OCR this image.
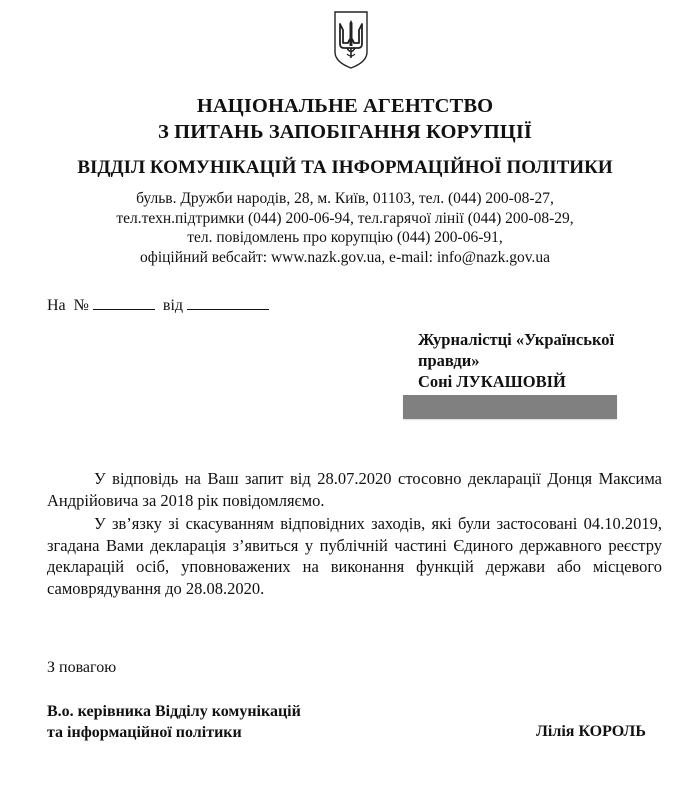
НАЦІОНАЛЬНЕ АГЕНТСТВО
З ПИТАНЬ ЗАПОБІГАННЯ КОРУПЦІЇ
ВІДДІЛ КОМУНІКАЦІЙ ТА ІНФОРМАЦІЙНОЇ ПОЛІТИКИ
бульв. Дружби народів, 28, м. Київ, 01103, тел. (044) 200-08-27,
тел.техн.підтримки (044) 200-06-94, тел.гарячої лінії (044) 200-08-29,
тел. повідомлень про корупцію (044) 200-06-91,
офіційний вебсайт: www.nazk.gov.ua, e-mail: info@nazk.gov.ua
На №	від
Журналістці «Української
правди»
Соні ЛУКАШОВІЙ

У відповідь на Ваш запит від 28.07.2020 стосовно декларації Донця Максима Андрійовича за 2018 рік повідомляємо.

У зв’язку зі скасуванням відповідних заходів, які були застосовані 04.10.2019, згадана Вами декларація з’явиться у публічній частині Єдиного державного реєстру декларацій осіб, уповноважених на виконання функцій держави або місцевого самоврядування до 28.08.2020.

З повагою
В.о. керівника Відділу комунікацій
та інформаційної політики	Лілія КОРОЛЬ
